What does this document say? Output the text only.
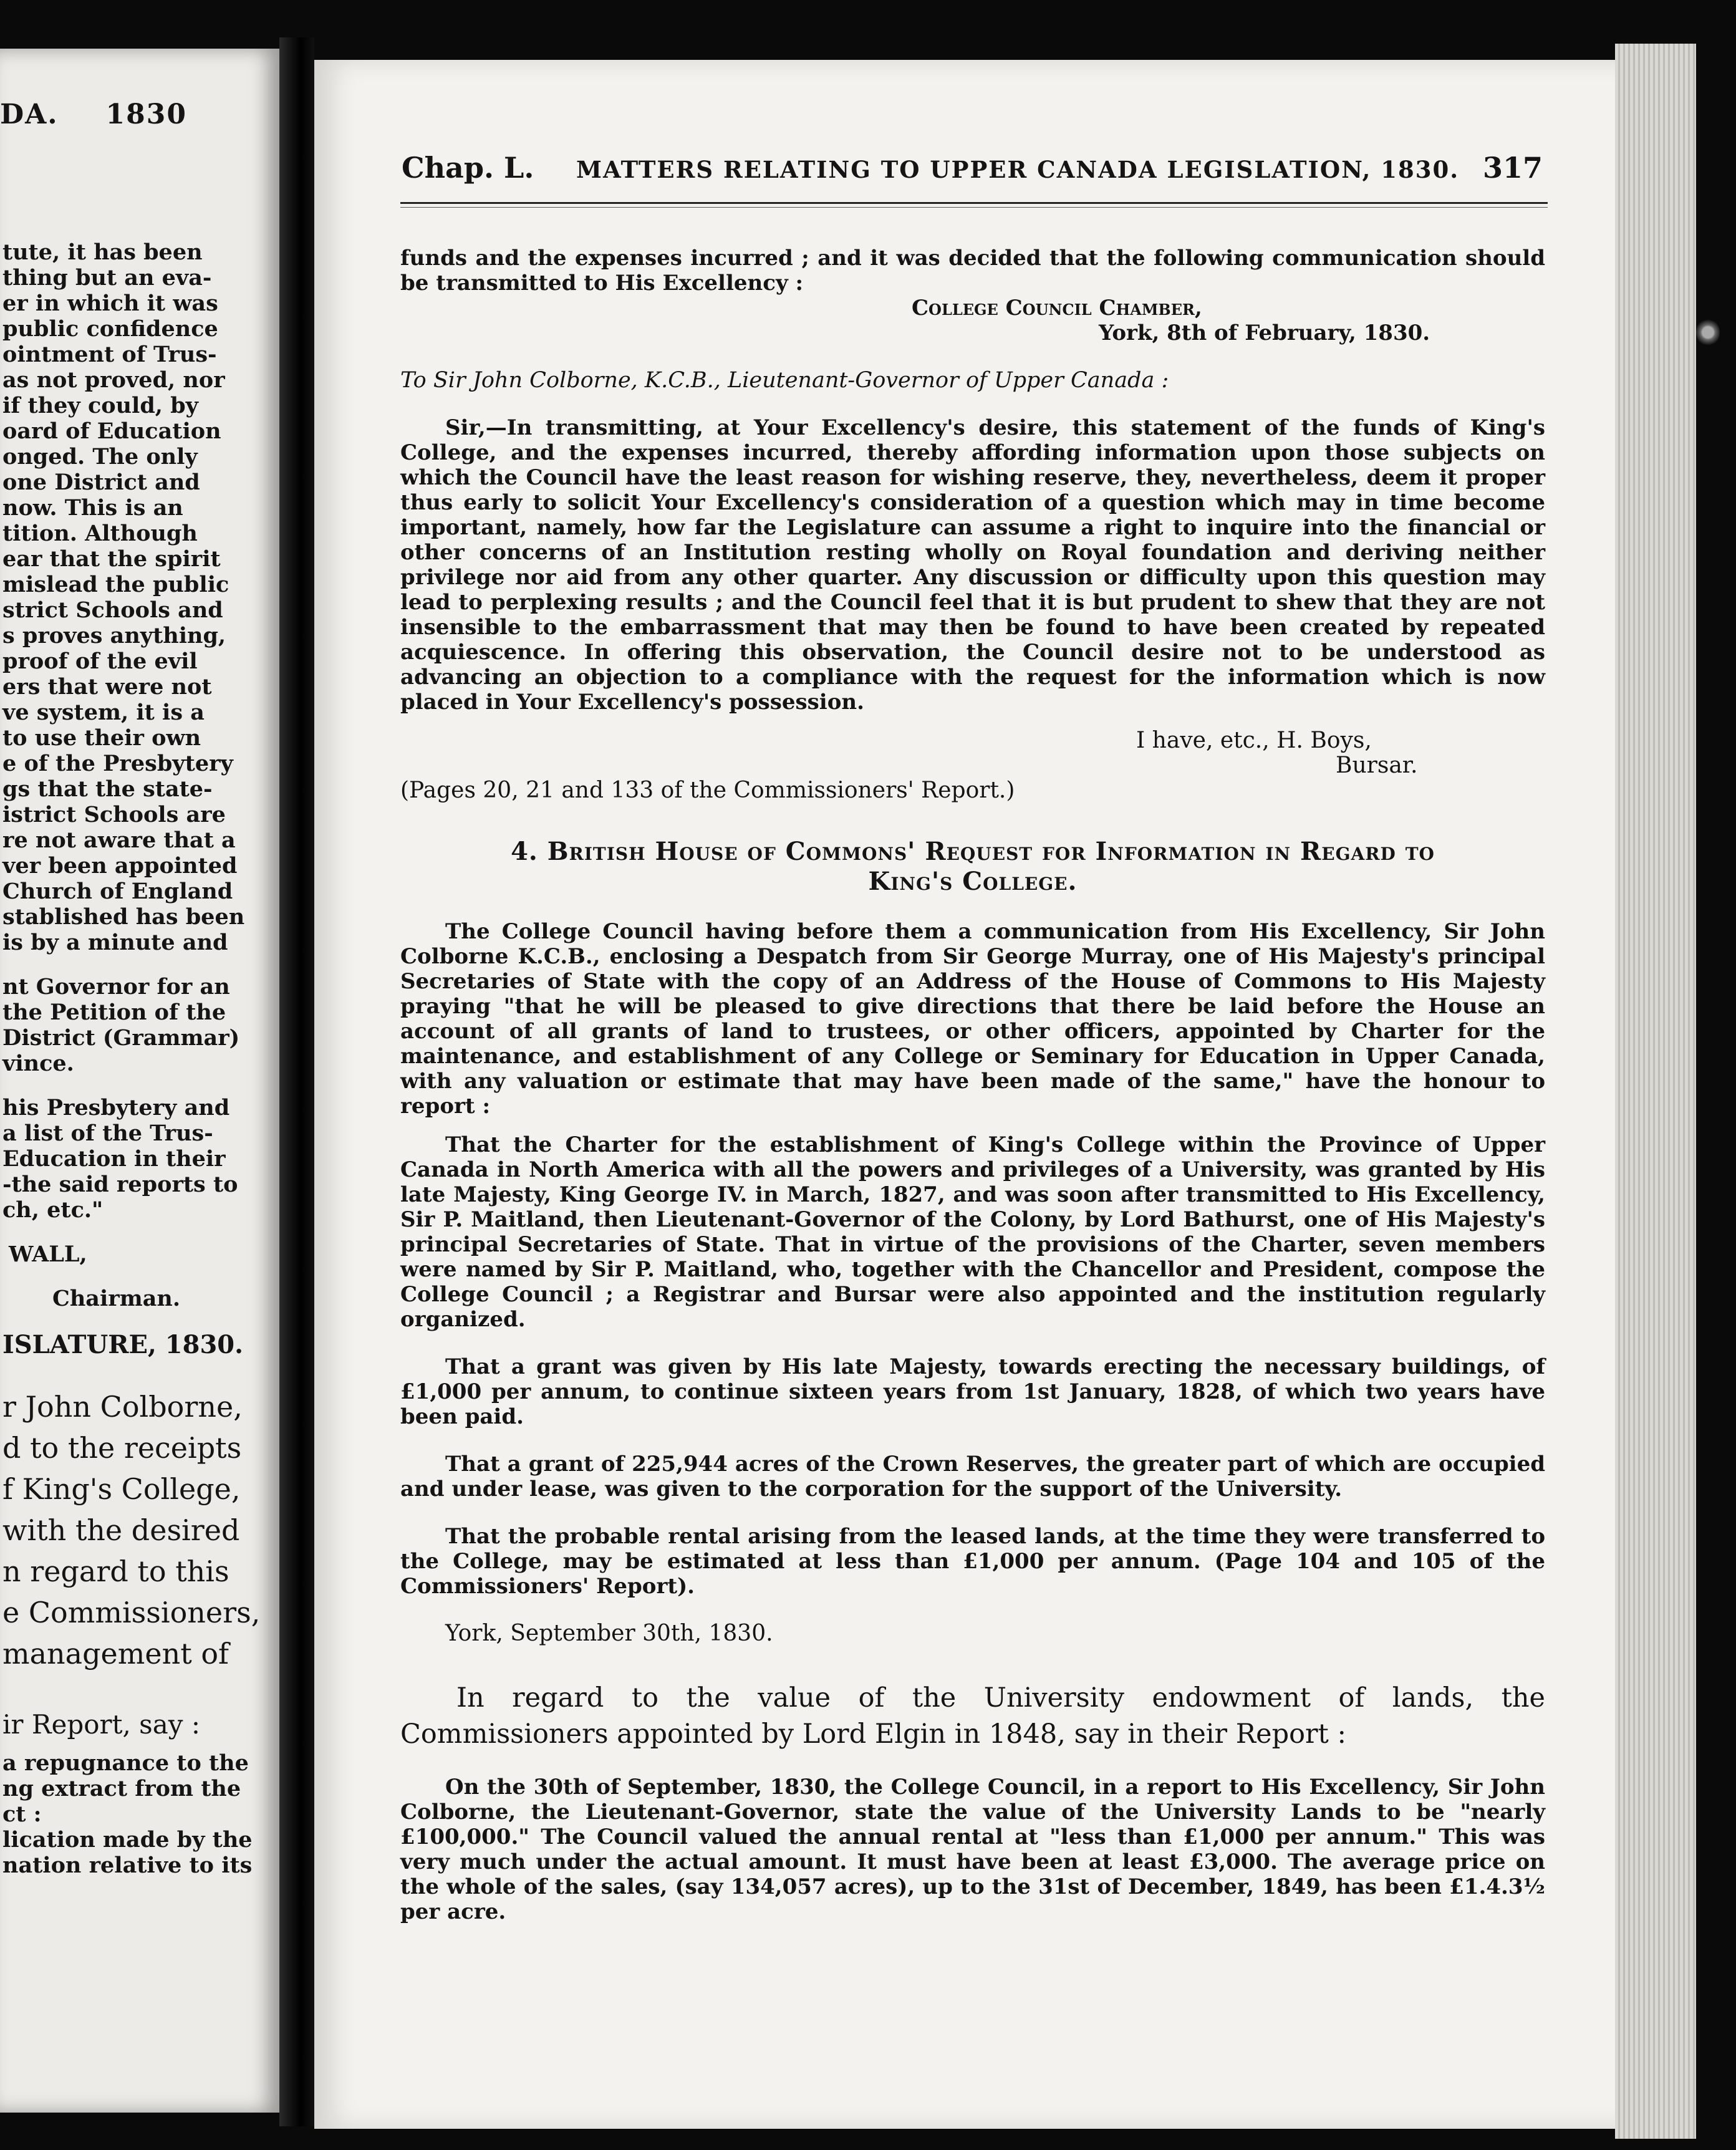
DA. 1830
tute, it has been
thing but an eva-
er in which it was
public confidence
ointment of Trus-
as not proved, nor
if they could, by
oard of Education
onged. The only
one District and
now. This is an
tition. Although
ear that the spirit
mislead the public
strict Schools and
s proves anything,
proof of the evil
ers that were not
ve system, it is a
to use their own
e of the Presbytery
gs that the state-
istrict Schools are
re not aware that a
ver been appointed
Church of England
stablished has been
is by a minute and
nt Governor for an
the Petition of the
District (Grammar)
vince.
his Presbytery and
a list of the Trus-
Education in their
-the said reports to
ch, etc."
WALL,
Chairman.
ISLATURE, 1830.
r John Colborne,
d to the receipts
f King's College,
with the desired
n regard to this
e Commissioners,
management of
ir Report, say :
a repugnance to the
ng extract from the
ct :
lication made by the
nation relative to its
Chap. L. MATTERS RELATING TO UPPER CANADA LEGISLATION, 1830. 317

funds and the expenses incurred ; and it was decided that the following communication should be transmitted to His Excellency :

College Council Chamber,

York, 8th of February, 1830.

To Sir John Colborne, K.C.B., Lieutenant-Governor of Upper Canada :

Sir,—In transmitting, at Your Excellency's desire, this statement of the funds of King's College, and the expenses incurred, thereby affording information upon those subjects on which the Council have the least reason for wishing reserve, they, nevertheless, deem it proper thus early to solicit Your Excellency's consideration of a question which may in time become important, namely, how far the Legislature can assume a right to inquire into the financial or other concerns of an Institution resting wholly on Royal foundation and deriving neither privilege nor aid from any other quarter. Any discussion or difficulty upon this question may lead to perplexing results ; and the Council feel that it is but prudent to shew that they are not insensible to the embarrassment that may then be found to have been created by repeated acquiescence. In offering this observation, the Council desire not to be understood as advancing an objection to a compliance with the request for the information which is now placed in Your Excellency's possession.

I have, etc., H. Boys,

Bursar.

(Pages 20, 21 and 133 of the Commissioners' Report.)

4. British House of Commons' Request for Information in Regard to

King's College.

The College Council having before them a communication from His Excellency, Sir John Colborne K.C.B., enclosing a Despatch from Sir George Murray, one of His Majesty's principal Secretaries of State with the copy of an Address of the House of Commons to His Majesty praying "that he will be pleased to give directions that there be laid before the House an account of all grants of land to trustees, or other officers, appointed by Charter for the maintenance, and establishment of any College or Seminary for Education in Upper Canada, with any valuation or estimate that may have been made of the same," have the honour to report :

That the Charter for the establishment of King's College within the Province of Upper Canada in North America with all the powers and privileges of a University, was granted by His late Majesty, King George IV. in March, 1827, and was soon after transmitted to His Excellency, Sir P. Maitland, then Lieutenant-Governor of the Colony, by Lord Bathurst, one of His Majesty's principal Secretaries of State. That in virtue of the provisions of the Charter, seven members were named by Sir P. Maitland, who, together with the Chancellor and President, compose the College Council ; a Registrar and Bursar were also appointed and the institution regularly organized.

That a grant was given by His late Majesty, towards erecting the necessary buildings, of £1,000 per annum, to continue sixteen years from 1st January, 1828, of which two years have been paid.

That a grant of 225,944 acres of the Crown Reserves, the greater part of which are occupied and under lease, was given to the corporation for the support of the University.

That the probable rental arising from the leased lands, at the time they were transferred to the College, may be estimated at less than £1,000 per annum. (Page 104 and 105 of the Commissioners' Report).

York, September 30th, 1830.

In regard to the value of the University endowment of lands, the Commissioners appointed by Lord Elgin in 1848, say in their Report :

On the 30th of September, 1830, the College Council, in a report to His Excellency, Sir John Colborne, the Lieutenant-Governor, state the value of the University Lands to be "nearly £100,000." The Council valued the annual rental at "less than £1,000 per annum." This was very much under the actual amount. It must have been at least £3,000. The average price on the whole of the sales, (say 134,057 acres), up to the 31st of December, 1849, has been £1.4.3½ per acre.
